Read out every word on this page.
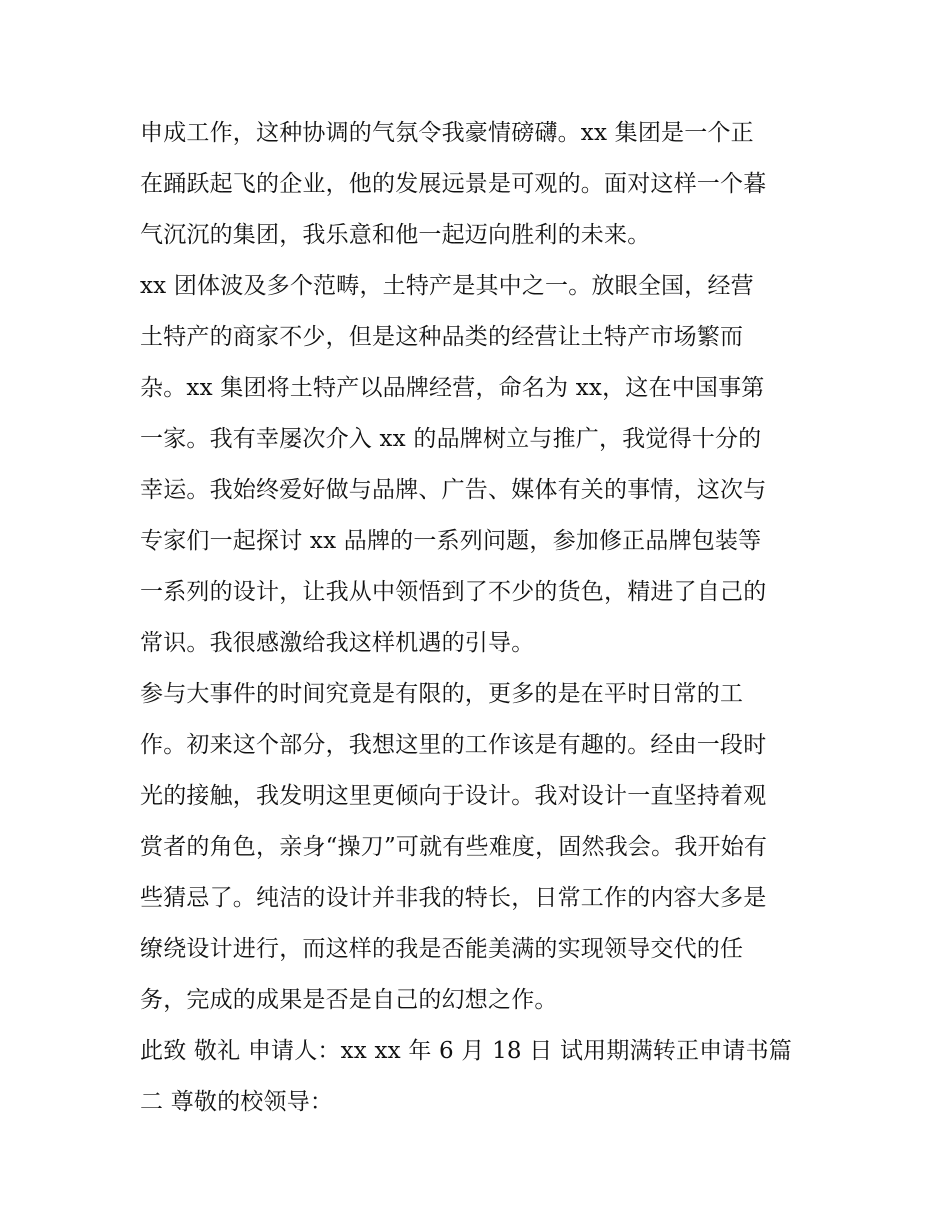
申成工作，这种协调的气氛令我豪情磅礴。xx 集团是一个正
在踊跃起飞的企业，他的发展远景是可观的。面对这样一个暮
气沉沉的集团，我乐意和他一起迈向胜利的未来。
xx 团体波及多个范畴，土特产是其中之一。放眼全国，经营
土特产的商家不少，但是这种品类的经营让土特产市场繁而
杂。xx 集团将土特产以品牌经营，命名为 xx，这在中国事第
一家。我有幸屡次介入 xx 的品牌树立与推广，我觉得十分的
幸运。我始终爱好做与品牌、广告、媒体有关的事情，这次与
专家们一起探讨 xx 品牌的一系列问题，参加修正品牌包装等
一系列的设计，让我从中领悟到了不少的货色，精进了自己的
常识。我很感激给我这样机遇的引导。
参与大事件的时间究竟是有限的，更多的是在平时日常的工
作。初来这个部分，我想这里的工作该是有趣的。经由一段时
光的接触，我发明这里更倾向于设计。我对设计一直坚持着观
赏者的角色，亲身“操刀”可就有些难度，固然我会。我开始有
些猜忌了。纯洁的设计并非我的特长，日常工作的内容大多是
缭绕设计进行，而这样的我是否能美满的实现领导交代的任
务，完成的成果是否是自己的幻想之作。
此致 敬礼 申请人：xx xx 年 6 月 18 日 试用期满转正申请书篇
二 尊敬的校领导：
